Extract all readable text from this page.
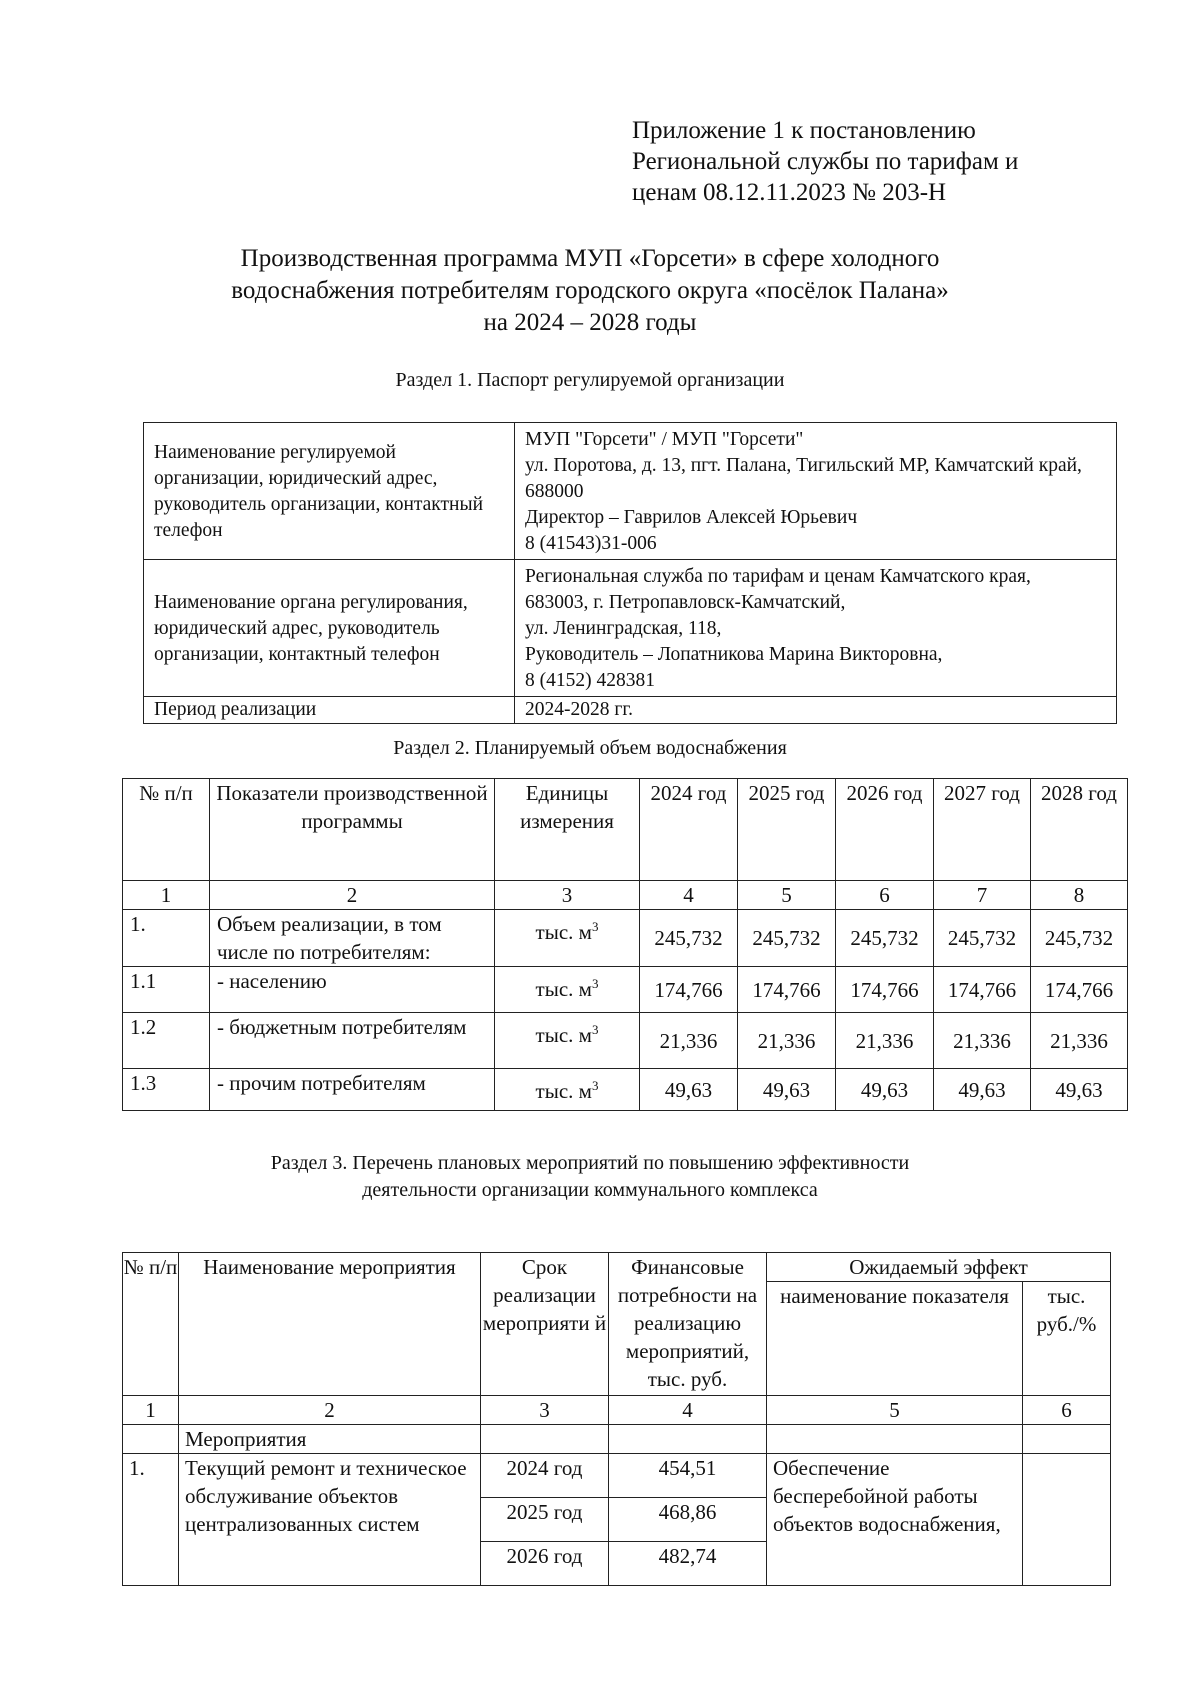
Приложение 1 к постановлению
Региональной службы по тарифам и
ценам 08.12.11.2023 № 203-Н
Производственная программа МУП «Горсети» в сфере холодного
водоснабжения потребителям городского округа «посёлок Палана»
на 2024 – 2028 годы
Раздел 1. Паспорт регулируемой организации
Наименование регулируемой организации, юридический адрес, руководитель организации, контактный телефон	МУП "Горсети" / МУП "Горсети"
ул. Поротова, д. 13, пгт. Палана, Тигильский МР, Камчатский край, 688000
Директор – Гаврилов Алексей Юрьевич
8 (41543)31-006

Наименование органа регулирования, юридический адрес, руководитель организации, контактный телефон	Региональная служба по тарифам и ценам Камчатского края,
683003, г. Петропавловск-Камчатский,
ул. Ленинградская, 118,
Руководитель – Лопатникова Марина Викторовна,
8 (4152) 428381

Период реализации	2024-2028 гг.
Раздел 2. Планируемый объем водоснабжения
№ п/п	Показатели производственной программы	Единицы измерения	2024 год	2025 год	2026 год	2027 год	2028 год
1	2	3	4	5	6	7	8
1.	Объем реализации, в том числе по потребителям:	тыс. $м^3$	245,732	245,732	245,732	245,732	245,732
1.1	- населению	тыс. $м^3$	174,766	174,766	174,766	174,766	174,766
1.2	- бюджетным потребителям	тыс. $м^3$	21,336	21,336	21,336	21,336	21,336
1.3	- прочим потребителям	тыс. $м^3$	49,63	49,63	49,63	49,63	49,63
Раздел 3. Перечень плановых мероприятий по повышению эффективности
деятельности организации коммунального комплекса
№ п/п	Наименование мероприятия	Срок реализации мероприяти й	Финансовые потребности на реализацию мероприятий, тыс. руб.	Ожидаемый эффект	
				наименование показателя	тыс. руб./%
1	2	3	4	5	6
	Мероприятия				
1.	Текущий ремонт и техническое обслуживание объектов централизованных систем	2024 год	454,51	Обеспечение бесперебойной работы объектов водоснабжения,	
		2025 год	468,86		
		2026 год	482,74		
